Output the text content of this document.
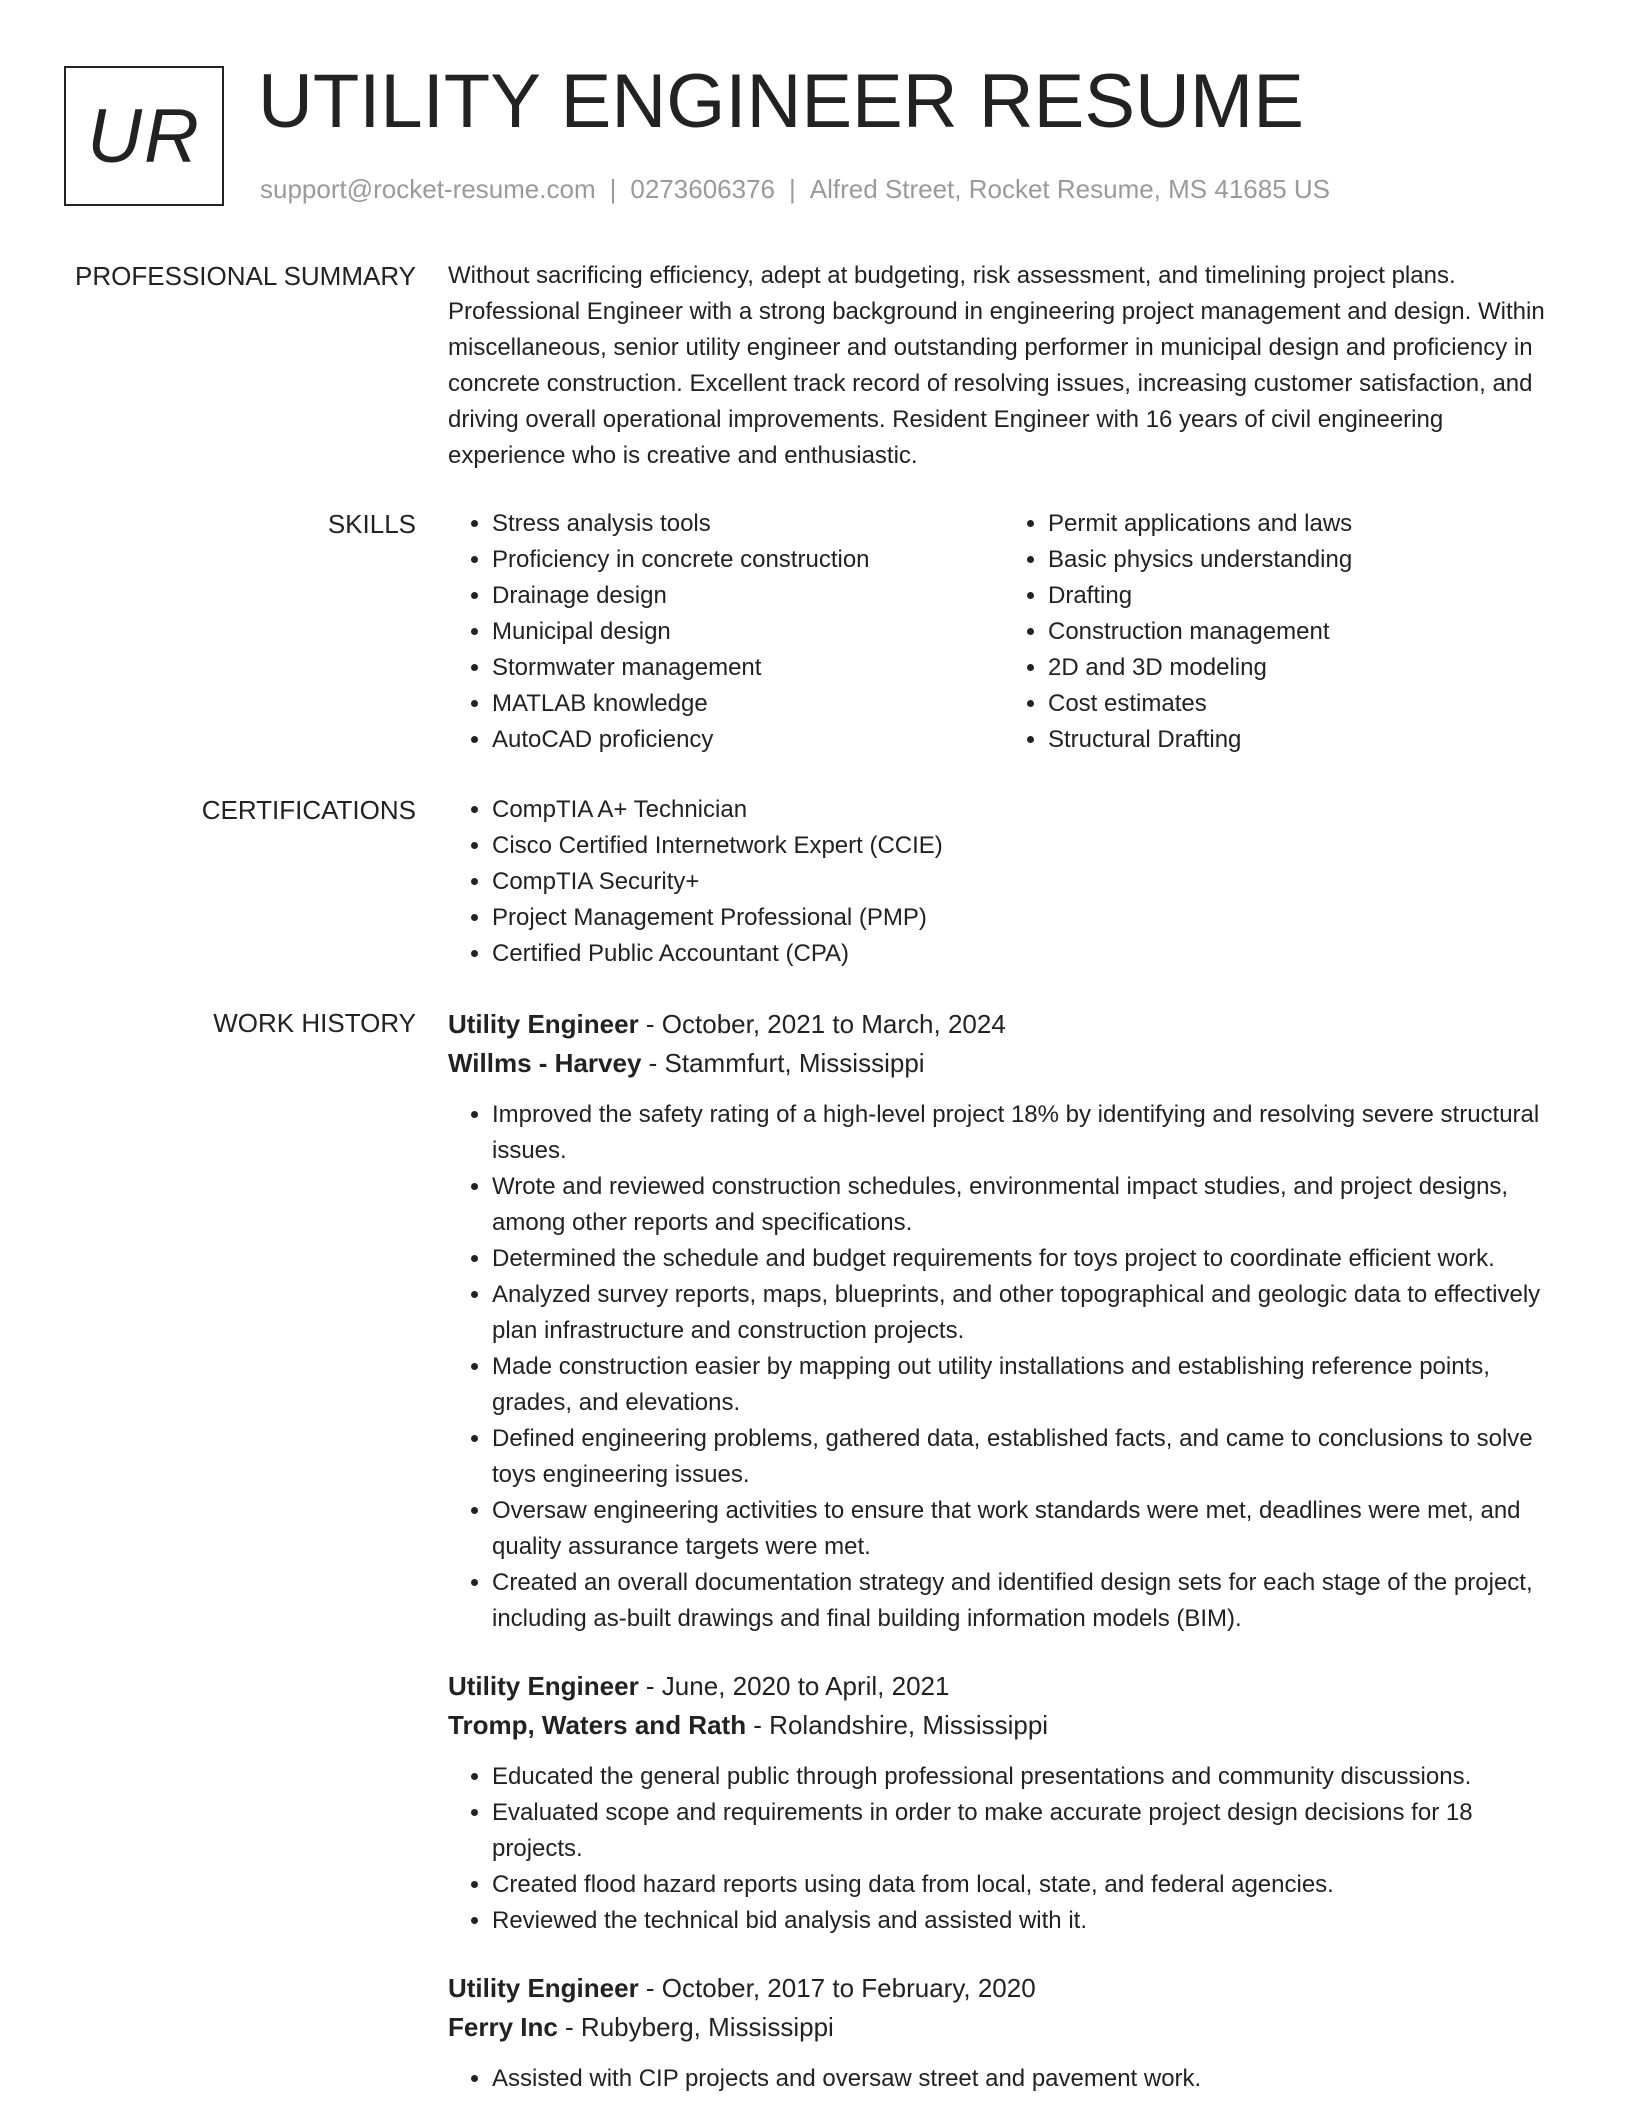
UR UTILITY ENGINEER RESUME
support@rocket-resume.com | 0273606376 | Alfred Street, Rocket Resume, MS 41685 US
PROFESSIONAL SUMMARY Without sacrificing efficiency, adept at budgeting, risk assessment, and timelining project plans. Professional Engineer with a strong background in engineering project management and design. Within miscellaneous, senior utility engineer and outstanding performer in municipal design and proficiency in concrete construction. Excellent track record of resolving issues, increasing customer satisfaction, and driving overall operational improvements. Resident Engineer with 16 years of civil engineering experience who is creative and enthusiastic.

SKILLS	• Stress analysis tools
• Proficiency in concrete construction
• Drainage design
• Municipal design
• Stormwater management
• MATLAB knowledge
• AutoCAD proficiency
• Permit applications and laws
• Basic physics understanding
• Drafting
• Construction management
• 2D and 3D modeling
• Cost estimates
• Structural Drafting
CERTIFICATIONS	• CompTIA A+ Technician
• Cisco Certified Internetwork Expert (CCIE)
• CompTIA Security+
• Project Management Professional (PMP)
• Certified Public Accountant (CPA)
WORK HISTORY Utility Engineer - October, 2021 to March, 2024

Willms - Harvey - Stammfurt, Mississippi

• Improved the safety rating of a high-level project 18% by identifying and resolving severe structural issues.
• Wrote and reviewed construction schedules, environmental impact studies, and project designs, among other reports and specifications.
• Determined the schedule and budget requirements for toys project to coordinate efficient work.
• Analyzed survey reports, maps, blueprints, and other topographical and geologic data to effectively plan infrastructure and construction projects.
• Made construction easier by mapping out utility installations and establishing reference points, grades, and elevations.
• Defined engineering problems, gathered data, established facts, and came to conclusions to solve toys engineering issues.
• Oversaw engineering activities to ensure that work standards were met, deadlines were met, and quality assurance targets were met.
• Created an overall documentation strategy and identified design sets for each stage of the project, including as-built drawings and final building information models (BIM).

Utility Engineer - June, 2020 to April, 2021

Tromp, Waters and Rath - Rolandshire, Mississippi

• Educated the general public through professional presentations and community discussions.
• Evaluated scope and requirements in order to make accurate project design decisions for 18 projects.
• Created flood hazard reports using data from local, state, and federal agencies.
• Reviewed the technical bid analysis and assisted with it.

Utility Engineer - October, 2017 to February, 2020

Ferry Inc - Rubyberg, Mississippi

• Assisted with CIP projects and oversaw street and pavement work.
